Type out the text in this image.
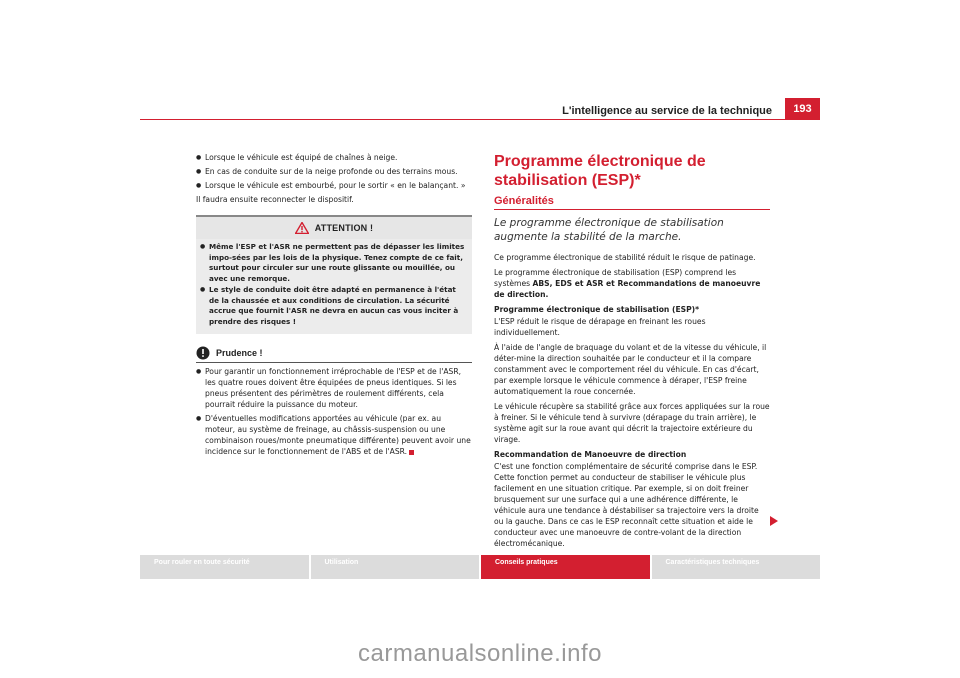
L'intelligence au service de la technique	193
● Lorsque le véhicule est équipé de chaînes à neige.
● En cas de conduite sur de la neige profonde ou des terrains mous.
● Lorsque le véhicule est embourbé, pour le sortir « en le balançant. »

Il faudra ensuite reconnecter le dispositif.

ATTENTION !
● Même l'ESP et l'ASR ne permettent pas de dépasser les limites impo-sées par les lois de la physique. Tenez compte de ce fait, surtout pour circuler sur une route glissante ou mouillée, ou avec une remorque.
● Le style de conduite doit être adapté en permanence à l'état de la chaussée et aux conditions de circulation. La sécurité accrue que fournit l'ASR ne devra en aucun cas vous inciter à prendre des risques !
Prudence !
● Pour garantir un fonctionnement irréprochable de l'ESP et de l'ASR, les quatre roues doivent être équipées de pneus identiques. Si les pneus présentent des périmètres de roulement différents, cela pourrait réduire la puissance du moteur.
● D'éventuelles modifications apportées au véhicule (par ex. au moteur, au système de freinage, au châssis-suspension ou une combinaison roues/monte pneumatique différente) peuvent avoir une incidence sur le fonctionnement de l'ABS et de l'ASR.
Programme électronique de stabilisation (ESP)*
Généralités
Le programme électronique de stabilisation augmente la stabilité de la marche.

Ce programme électronique de stabilité réduit le risque de patinage.

Le programme électronique de stabilisation (ESP) comprend les systèmes ABS, EDS et ASR et Recommandations de manoeuvre de direction.

Programme électronique de stabilisation (ESP)*

L'ESP réduit le risque de dérapage en freinant les roues individuellement.

À l'aide de l'angle de braquage du volant et de la vitesse du véhicule, il déter-mine la direction souhaitée par le conducteur et il la compare constamment avec le comportement réel du véhicule. En cas d'écart, par exemple lorsque le véhicule commence à déraper, l'ESP freine automatiquement la roue concernée.

Le véhicule récupère sa stabilité grâce aux forces appliquées sur la roue à freiner. Si le véhicule tend à survivre (dérapage du train arrière), le système agit sur la roue avant qui décrit la trajectoire extérieure du virage.

Recommandation de Manoeuvre de direction

C'est une fonction complémentaire de sécurité comprise dans le ESP. Cette fonction permet au conducteur de stabiliser le véhicule plus facilement en une situation critique. Par exemple, si on doit freiner brusquement sur une surface qui a une adhérence différente, le véhicule aura une tendance à déstabiliser sa trajectoire vers la droite ou la gauche. Dans ce cas le ESP reconnaît cette situation et aide le conducteur avec une manoeuvre de contre-volant de la direction électromécanique.

Pour rouler en toute sécurité	Utilisation	Conseils pratiques	Caractéristiques techniques
carmanualsonline.info
